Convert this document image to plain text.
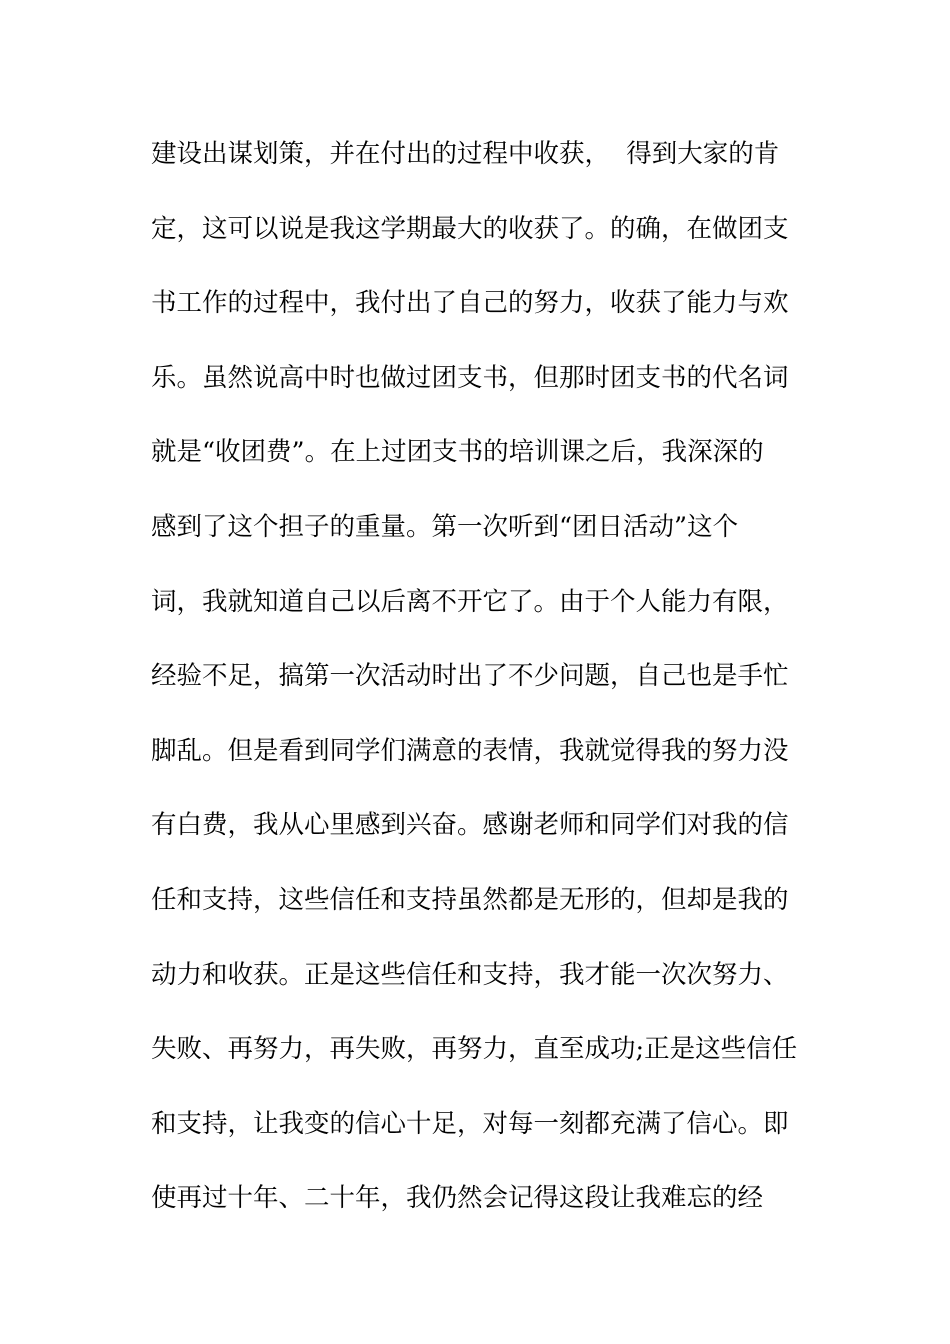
建设出谋划策，并在付出的过程中收获，  得到大家的肯
定，这可以说是我这学期最大的收获了。的确，在做团支
书工作的过程中，我付出了自己的努力，收获了能力与欢
乐。虽然说高中时也做过团支书，但那时团支书的代名词
就是“收团费”。在上过团支书的培训课之后，我深深的
感到了这个担子的重量。第一次听到“团日活动”这个
词，我就知道自己以后离不开它了。由于个人能力有限，
经验不足，搞第一次活动时出了不少问题，自己也是手忙
脚乱。但是看到同学们满意的表情，我就觉得我的努力没
有白费，我从心里感到兴奋。感谢老师和同学们对我的信
任和支持，这些信任和支持虽然都是无形的，但却是我的
动力和收获。正是这些信任和支持，我才能一次次努力、
失败、再努力，再失败，再努力，直至成功;正是这些信任
和支持，让我变的信心十足，对每一刻都充满了信心。即
使再过十年、二十年，我仍然会记得这段让我难忘的经
